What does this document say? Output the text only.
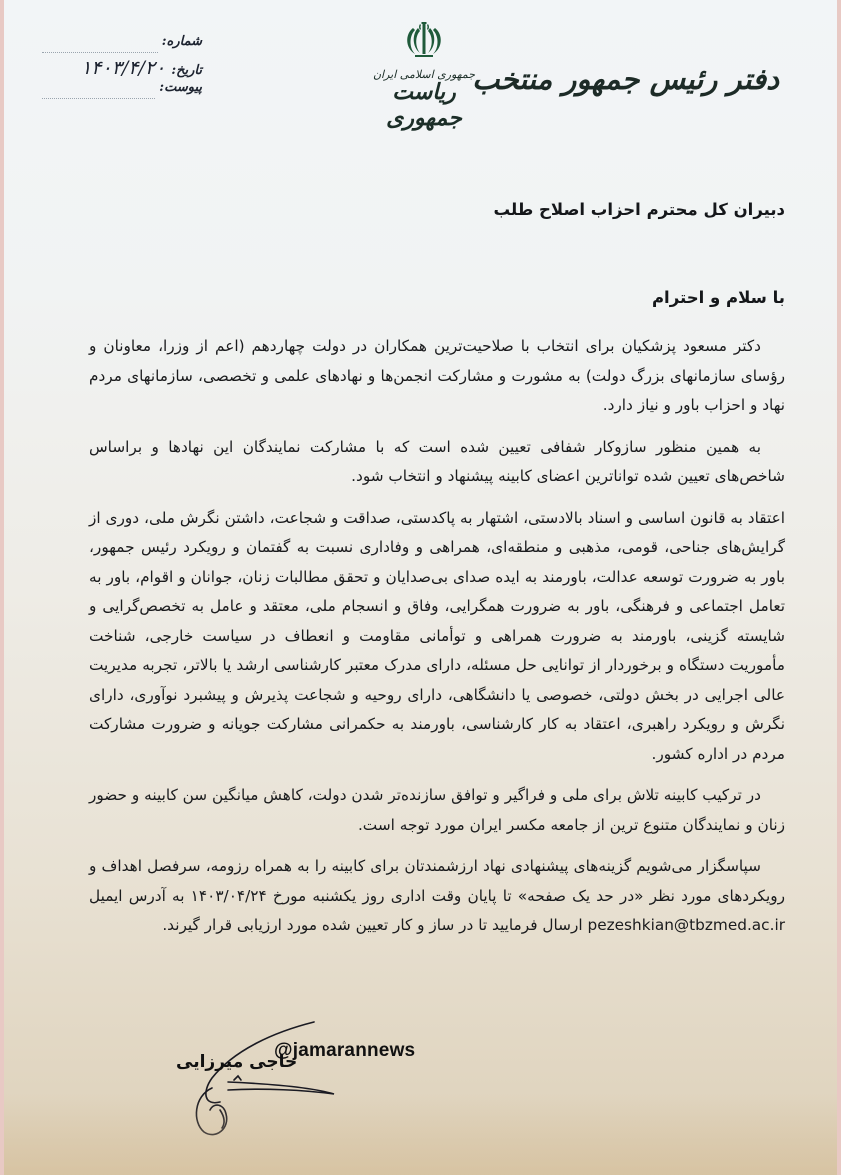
دفتر رئیس جمهور منتخب
جمهوری اسلامی ایران
ریاست جمهوری
شماره:
تاریخ:
۱۴۰۳/۴/۲۰
پیوست:
دبیران کل محترم احزاب اصلاح طلب
با سلام و احترام

دکتر مسعود پزشکیان برای انتخاب با صلاحیت‌ترین همکاران در دولت چهاردهم (اعم از وزرا، معاونان و رؤسای سازمانهای بزرگ دولت) به مشورت و مشارکت انجمن‌ها و نهادهای علمی و تخصصی، سازمانهای مردم نهاد و احزاب باور و نیاز دارد.

به همین منظور سازوکار شفافی تعیین شده است که با مشارکت نمایندگان این نهادها و براساس شاخص‌های تعیین شده تواناترین اعضای کابینه پیشنهاد و انتخاب شود.

اعتقاد به قانون اساسی و اسناد بالادستی، اشتهار به پاکدستی، صداقت و شجاعت، داشتن نگرش ملی، دوری از گرایش‌های جناحی، قومی، مذهبی و منطقه‌ای، همراهی و وفاداری نسبت به گفتمان و رویکرد رئیس جمهور، باور به ضرورت توسعه عدالت، باورمند به ایده صدای بی‌صدایان و تحقق مطالبات زنان، جوانان و اقوام، باور به تعامل اجتماعی و فرهنگی، باور به ضرورت همگرایی، وفاق و انسجام ملی، معتقد و عامل به تخصص‌گرایی و شایسته گزینی، باورمند به ضرورت همراهی و توأمانی مقاومت و انعطاف در سیاست خارجی، شناخت مأموریت دستگاه و برخوردار از توانایی حل مسئله، دارای مدرک معتبر کارشناسی ارشد یا بالاتر، تجربه مدیریت عالی اجرایی در بخش دولتی، خصوصی یا دانشگاهی، دارای روحیه و شجاعت پذیرش و پیشبرد نوآوری، دارای نگرش و رویکرد راهبری، اعتقاد به کار کارشناسی، باورمند به حکمرانی مشارکت جویانه و ضرورت مشارکت مردم در اداره کشور.

در ترکیب کابینه تلاش برای ملی و فراگیر و توافق سازنده‌تر شدن دولت، کاهش میانگین سن کابینه و حضور زنان و نمایندگان متنوع ترین از جامعه مکسر ایران مورد توجه است.

سپاسگزار می‌شویم گزینه‌های پیشنهادی نهاد ارزشمندتان برای کابینه را به همراه رزومه، سرفصل اهداف و رویکردهای مورد نظر «در حد یک صفحه» تا پایان وقت اداری روز یکشنبه مورخ ۱۴۰۳/۰۴/۲۴ به آدرس ایمیل pezeshkian@tbzmed.ac.ir ارسال فرمایید تا در ساز و کار تعیین شده مورد ارزیابی قرار گیرند.

حاجی میرزایی
@jamarannews
